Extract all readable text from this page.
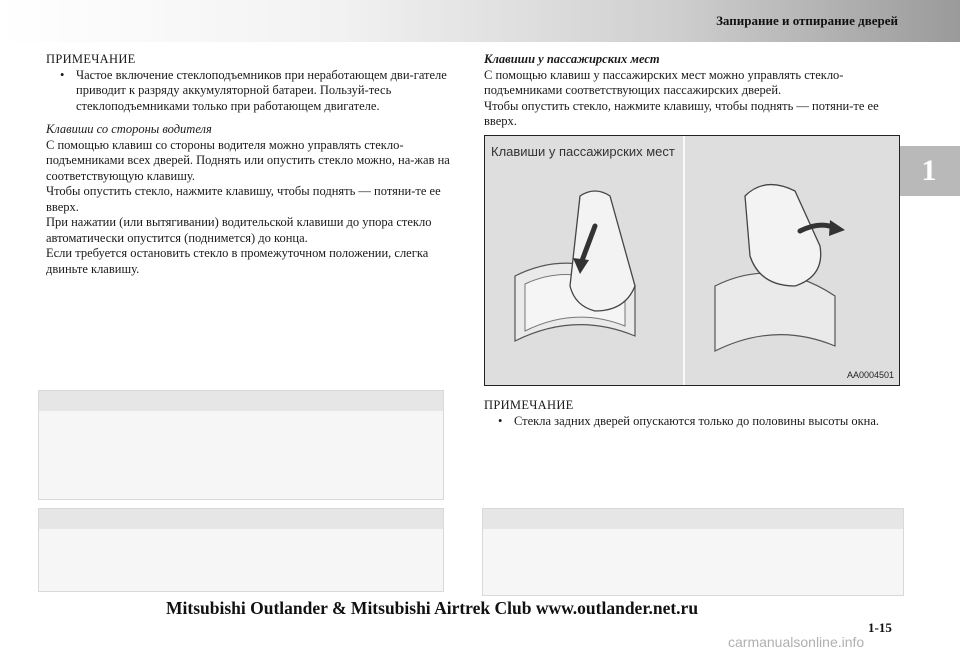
Запирание и отпирание дверей
1

ПРИМЕЧАНИЕ

• Частое включение стеклоподъемников при неработающем дви-гателе приводит к разряду аккумуляторной батареи. Пользуй-тесь стеклоподъемниками только при работающем двигателе.

Клавиши со стороны водителя

С помощью клавиш со стороны водителя можно управлять стекло-подъемниками всех дверей. Поднять или опустить стекло можно, на-жав на соответствующую клавишу.

Чтобы опустить стекло, нажмите клавишу, чтобы поднять — потяни-те ее вверх.

При нажатии (или вытягивании) водительской клавиши до упора стекло автоматически опустится (поднимется) до конца.

Если требуется остановить стекло в промежуточном положении, слегка двиньте клавишу.

Клавиши у пассажирских мест

С помощью клавиш у пассажирских мест можно управлять стекло-подъемниками соответствующих пассажирских дверей.

Чтобы опустить стекло, нажмите клавишу, чтобы поднять — потяни-те ее вверх.

Клавиши у пассажирских мест
AA0004501

ПРИМЕЧАНИЕ

• Стекла задних дверей опускаются только до половины высоты окна.
Mitsubishi Outlander & Mitsubishi Airtrek Club www.outlander.net.ru
1-15
carmanualsonline.info
